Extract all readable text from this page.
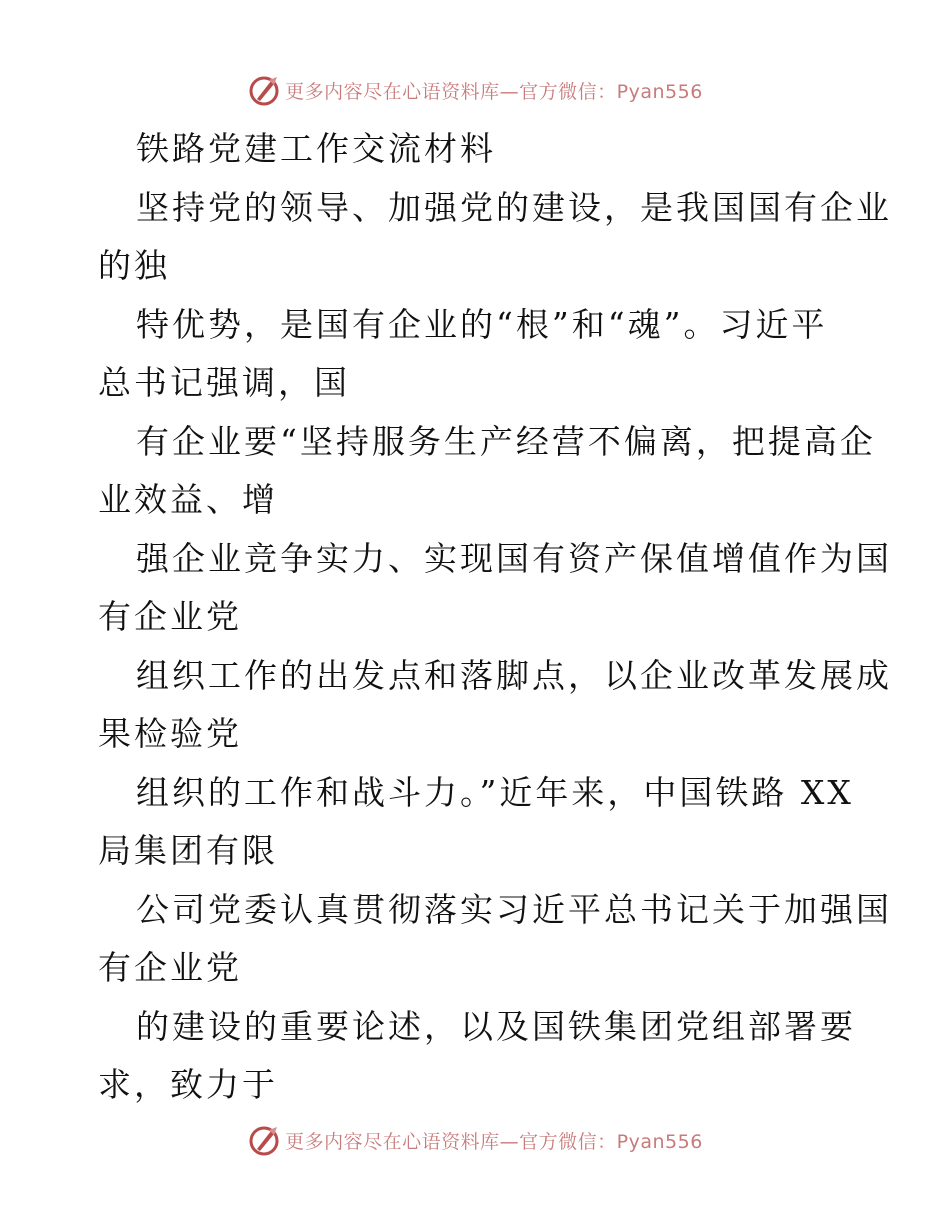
更多内容尽在心语资料库—官方微信：Pyan556
铁路党建工作交流材料
坚持党的领导、加强党的建设，是我国国有企业
的独
特优势，是国有企业的“根”和“魂”。习近平
总书记强调，国
有企业要“坚持服务生产经营不偏离，把提高企
业效益、增
强企业竞争实力、实现国有资产保值增值作为国
有企业党
组织工作的出发点和落脚点，以企业改革发展成
果检验党
组织的工作和战斗力。”近年来，中国铁路 XX
局集团有限
公司党委认真贯彻落实习近平总书记关于加强国
有企业党
的建设的重要论述，以及国铁集团党组部署要
求，致力于
更多内容尽在心语资料库—官方微信：Pyan556
